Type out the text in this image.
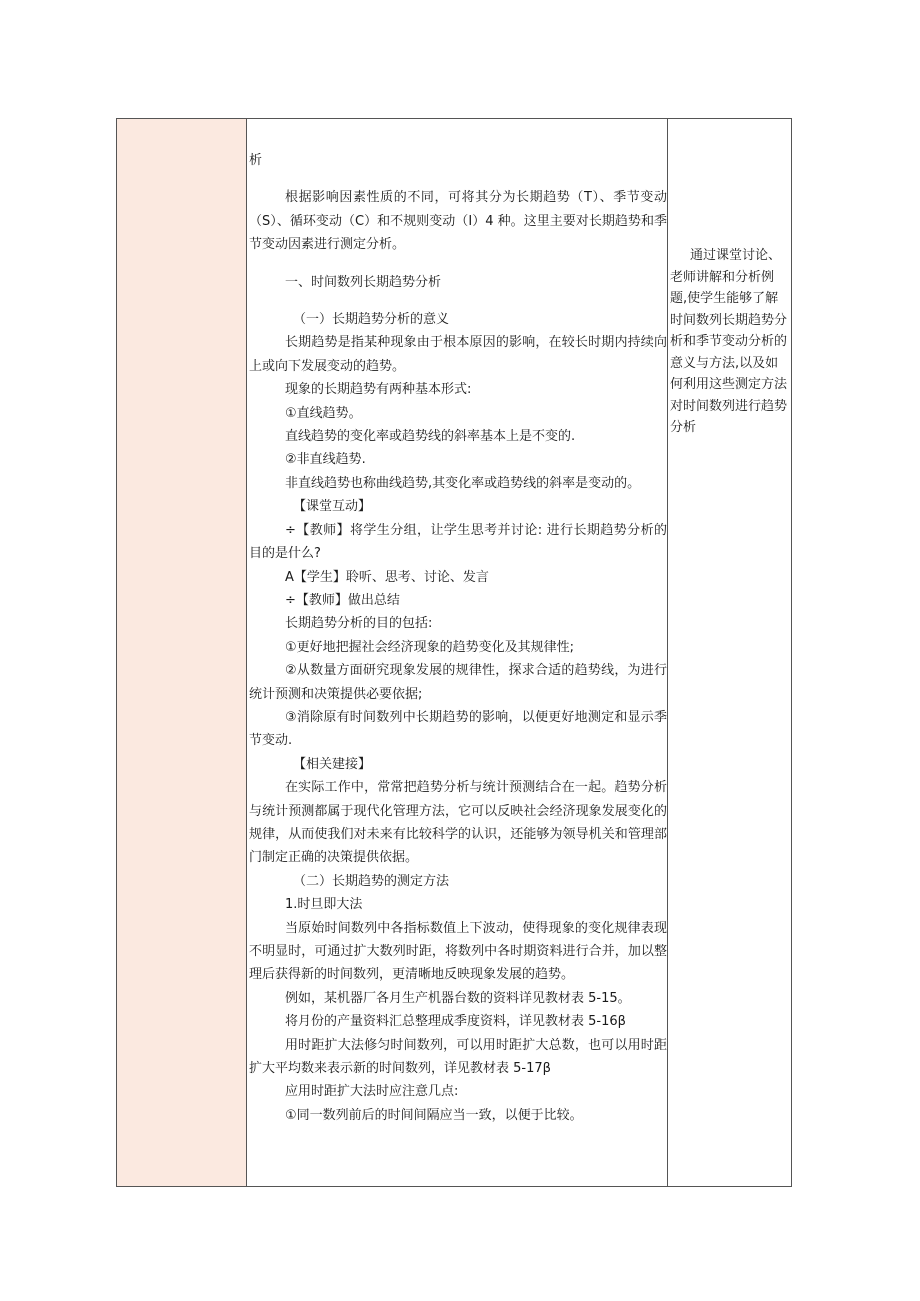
析

根据影响因素性质的不同，可将其分为长期趋势（T）、季节变动（S）、循环变动（C）和不规则变动（I）4 种。这里主要对长期趋势和季节变动因素进行测定分析。

一、时间数列长期趋势分析

（一）长期趋势分析的意义

长期趋势是指某种现象由于根本原因的影响，在较长时期内持续向上或向下发展变动的趋势。

现象的长期趋势有两种基本形式:

①直线趋势。

直线趋势的变化率或趋势线的斜率基本上是不变的.

②非直线趋势.

非直线趋势也称曲线趋势,其变化率或趋势线的斜率是变动的。

【课堂互动】

÷【教师】将学生分组，让学生思考并讨论: 进行长期趋势分析的目的是什么?

A【学生】聆听、思考、讨论、发言

÷【教师】做出总结

长期趋势分析的目的包括:

①更好地把握社会经济现象的趋势变化及其规律性;

②从数量方面研究现象发展的规律性，探求合适的趋势线，为进行统计预测和决策提供必要依据;

③消除原有时间数列中长期趋势的影响，以便更好地测定和显示季节变动.

【相关建接】

在实际工作中，常常把趋势分析与统计预测结合在一起。趋势分析与统计预测都属于现代化管理方法，它可以反映社会经济现象发展变化的规律，从而使我们对未来有比较科学的认识，还能够为领导机关和管理部门制定正确的决策提供依据。

（二）长期趋势的测定方法

1.时旦即大法

当原始时间数列中各指标数值上下波动，使得现象的变化规律表现不明显时，可通过扩大数列时距，将数列中各时期资料进行合并，加以整理后获得新的时间数列，更清晰地反映现象发展的趋势。

例如，某机器厂各月生产机器台数的资料详见教材表 5-15。

将月份的产量资料汇总整理成季度资料，详见教材表 5-16β

用时距扩大法修匀时间数列，可以用时距扩大总数，也可以用时距扩大平均数来表示新的时间数列，详见教材表 5-17β

应用时距扩大法时应注意几点:

①同一数列前后的时间间隔应当一致，以便于比较。

通过课堂讨论、老师讲解和分析例题,使学生能够了解时间数列长期趋势分析和季节变动分析的意义与方法,以及如何利用这些测定方法对时间数列进行趋势分析
